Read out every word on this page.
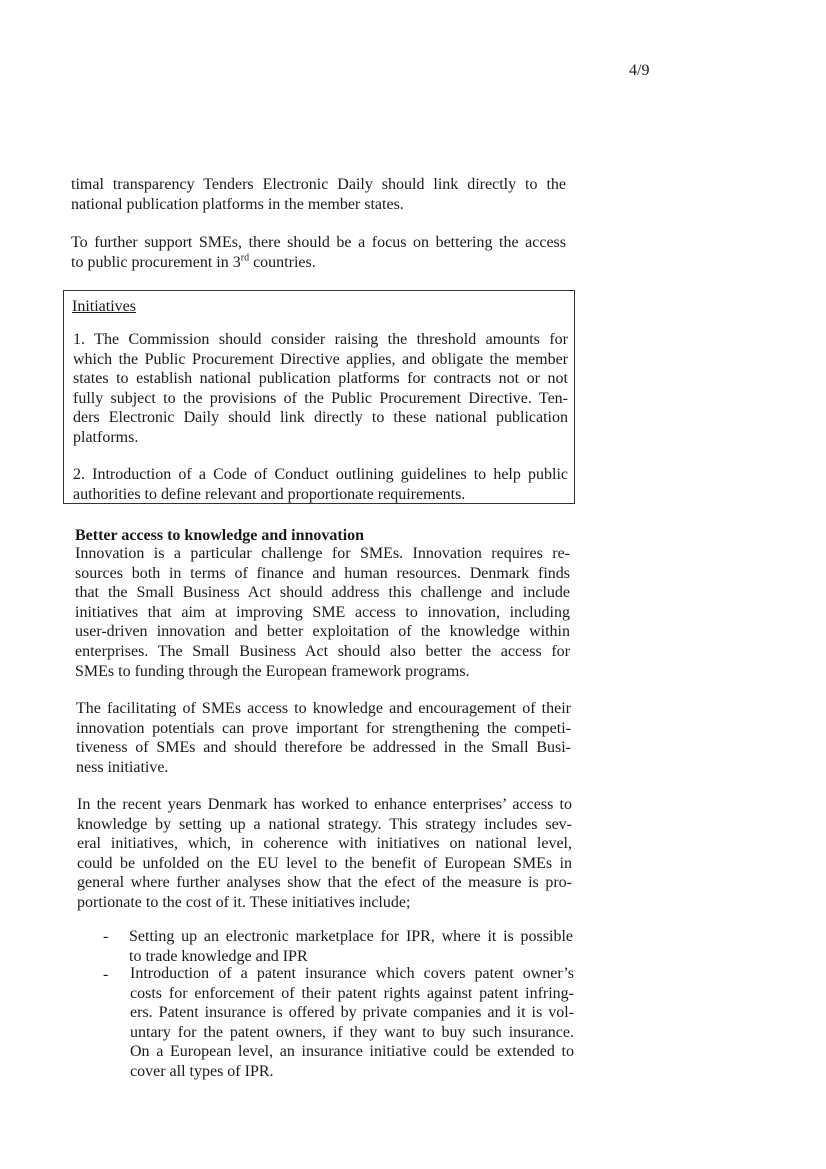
4/9
timal transparency Tenders Electronic Daily should link directly to the
national publication platforms in the member states.
To further support SMEs, there should be a focus on bettering the access
to public procurement in 3rd countries.
Initiatives
1. The Commission should consider raising the threshold amounts for
which the Public Procurement Directive applies, and obligate the member
states to establish national publication platforms for contracts not or not
fully subject to the provisions of the Public Procurement Directive. Ten-
ders Electronic Daily should link directly to these national publication
platforms.
2. Introduction of a Code of Conduct outlining guidelines to help public
authorities to define relevant and proportionate requirements.
Better access to knowledge and innovation
Innovation is a particular challenge for SMEs. Innovation requires re-
sources both in terms of finance and human resources. Denmark finds
that the Small Business Act should address this challenge and include
initiatives that aim at improving SME access to innovation, including
user-driven innovation and better exploitation of the knowledge within
enterprises. The Small Business Act should also better the access for
SMEs to funding through the European framework programs.
The facilitating of SMEs access to knowledge and encouragement of their
innovation potentials can prove important for strengthening the competi-
tiveness of SMEs and should therefore be addressed in the Small Busi-
ness initiative.
In the recent years Denmark has worked to enhance enterprises’ access to
knowledge by setting up a national strategy. This strategy includes sev-
eral initiatives, which, in coherence with initiatives on national level,
could be unfolded on the EU level to the benefit of European SMEs in
general where further analyses show that the efect of the measure is pro-
portionate to the cost of it. These initiatives include;
- Setting up an electronic marketplace for IPR, where it is possible
to trade knowledge and IPR
- Introduction of a patent insurance which covers patent owner’s
costs for enforcement of their patent rights against patent infring-
ers. Patent insurance is offered by private companies and it is vol-
untary for the patent owners, if they want to buy such insurance.
On a European level, an insurance initiative could be extended to
cover all types of IPR.
